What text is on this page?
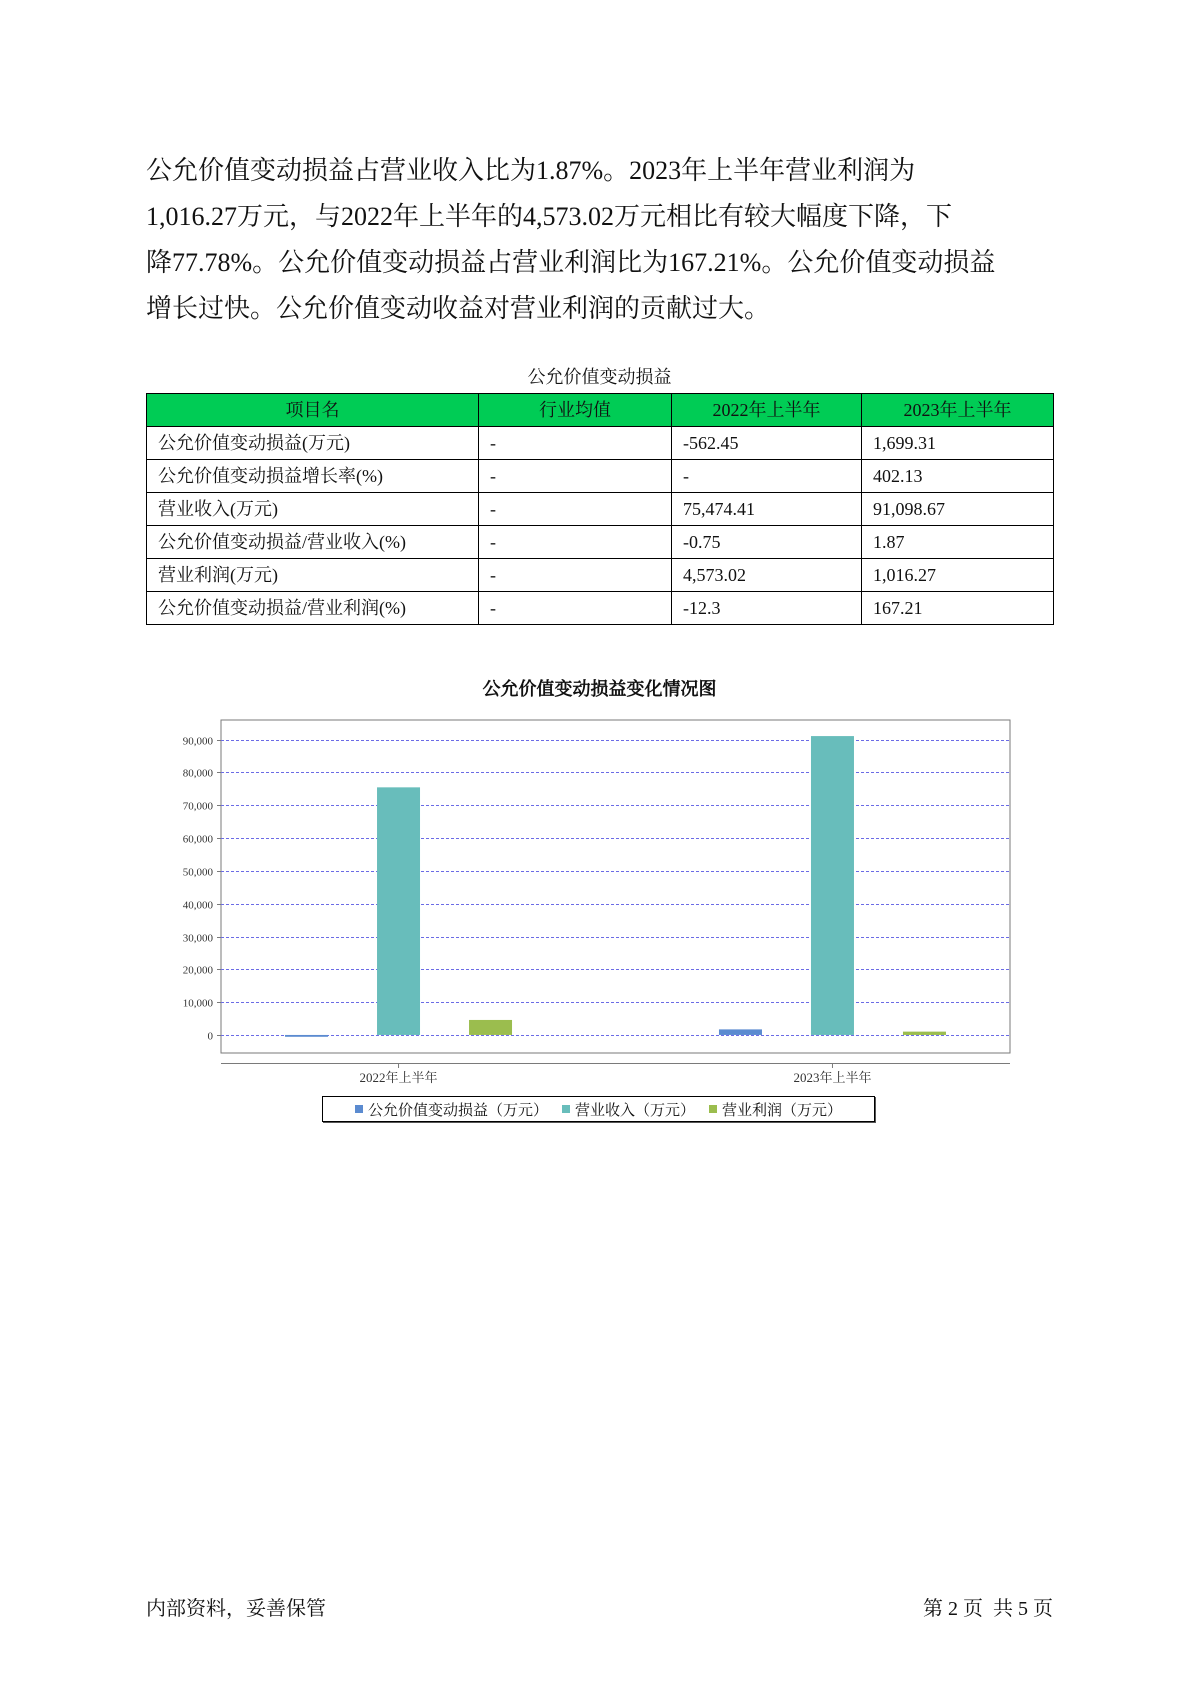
公允价值变动损益占营业收入比为1.87%。2023年上半年营业利润为
1,016.27万元，与2022年上半年的4,573.02万元相比有较大幅度下降，下
降77.78%。公允价值变动损益占营业利润比为167.21%。公允价值变动损益
增长过快。公允价值变动收益对营业利润的贡献过大。
公允价值变动损益
项目名	行业均值	2022年上半年	2023年上半年
公允价值变动损益(万元)	-	-562.45	1,699.31
公允价值变动损益增长率(%)	-	-	402.13
营业收入(万元)	-	75,474.41	91,098.67
公允价值变动损益/营业收入(%)	-	-0.75	1.87
营业利润(万元)	-	4,573.02	1,016.27
公允价值变动损益/营业利润(%)	-	-12.3	167.21
公允价值变动损益变化情况图
0
10,000
20,000
30,000
40,000
50,000
60,000
70,000
80,000
90,000
2022年上半年	2023年上半年
公允价值变动损益（万元） 营业收入（万元） 营业利润（万元）
内部资料，妥善保管	第 2 页  共 5 页
